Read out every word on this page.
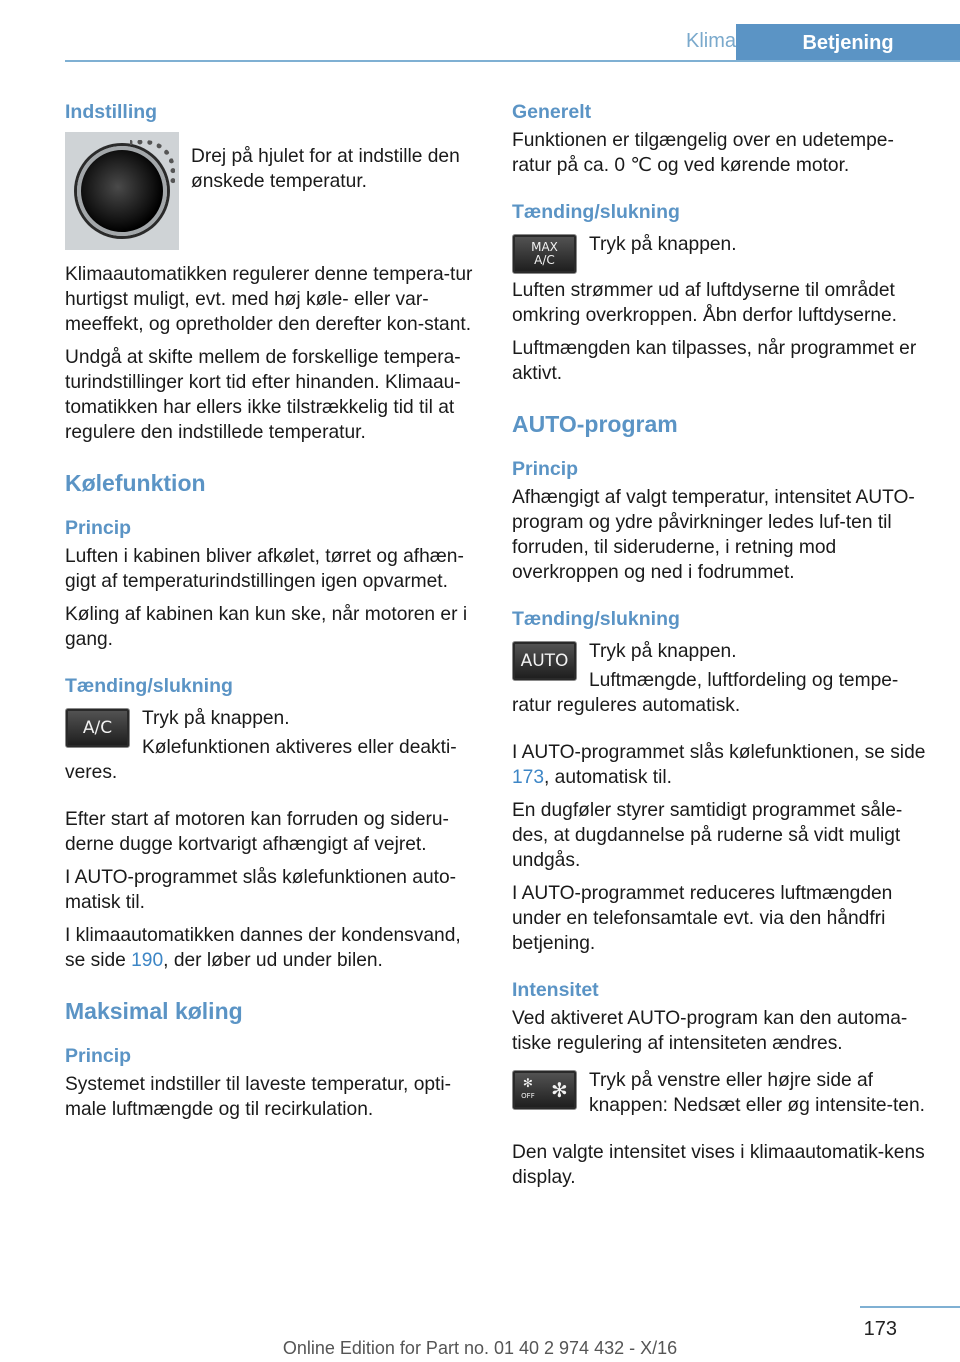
Klima	Betjening
Indstilling

Drej på hjulet for at indstille den ønskede temperatur.

Klimaautomatikken regulerer denne tempera‐tur hurtigst muligt, evt. med høj køle- eller var‐meeffekt, og opretholder den derefter kon‐stant.

Undgå at skifte mellem de forskellige tempera‐turindstillinger kort tid efter hinanden. Klimaau‐tomatikken har ellers ikke tilstrækkelig tid til at regulere den indstillede temperatur.

Kølefunktion
Princip

Luften i kabinen bliver afkølet, tørret og afhæn‐gigt af temperaturindstillingen igen opvarmet.

Køling af kabinen kan kun ske, når motoren er i gang.

Tænding/slukning
A/C	Tryk på knappen.

Kølefunktionen aktiveres eller deakti‐veres.

Efter start af motoren kan forruden og sideru‐derne dugge kortvarigt afhængigt af vejret.

I AUTO-programmet slås kølefunktionen auto‐matisk til.

I klimaautomatikken dannes der kondensvand, se side 190, der løber ud under bilen.

Maksimal køling
Princip

Systemet indstiller til laveste temperatur, opti‐male luftmængde og til recirkulation.

Generelt

Funktionen er tilgængelig over en udetempe‐ratur på ca. 0 ℃ og ved kørende motor.

Tænding/slukning
MAX
A/C

Tryk på knappen.

Luften strømmer ud af luftdyserne til området omkring overkroppen. Åbn derfor luftdyserne.

Luftmængden kan tilpasses, når programmet er aktivt.

AUTO-program
Princip

Afhængigt af valgt temperatur, intensitet AUTO-program og ydre påvirkninger ledes luf‐ten til forruden, til sideruderne, i retning mod overkroppen og ned i fodrummet.

Tænding/slukning
AUTO	Tryk på knappen.

Luftmængde, luftfordeling og tempe‐ratur reguleres automatisk.

I AUTO-programmet slås kølefunktionen, se side 173, automatisk til.

En dugføler styrer samtidigt programmet såle‐des, at dugdannelse på ruderne så vidt muligt undgås.

I AUTO-programmet reduceres luftmængden under en telefonsamtale evt. via den håndfri betjening.

Intensitet

Ved aktiveret AUTO-program kan den automa‐tiske regulering af intensiteten ændres.

✻
OFF ✻	Tryk på venstre eller højre side af knappen: Nedsæt eller øg intensite‐ten.

Den valgte intensitet vises i klimaautomatik‐kens display.

173
Online Edition for Part no. 01 40 2 974 432 - X/16
